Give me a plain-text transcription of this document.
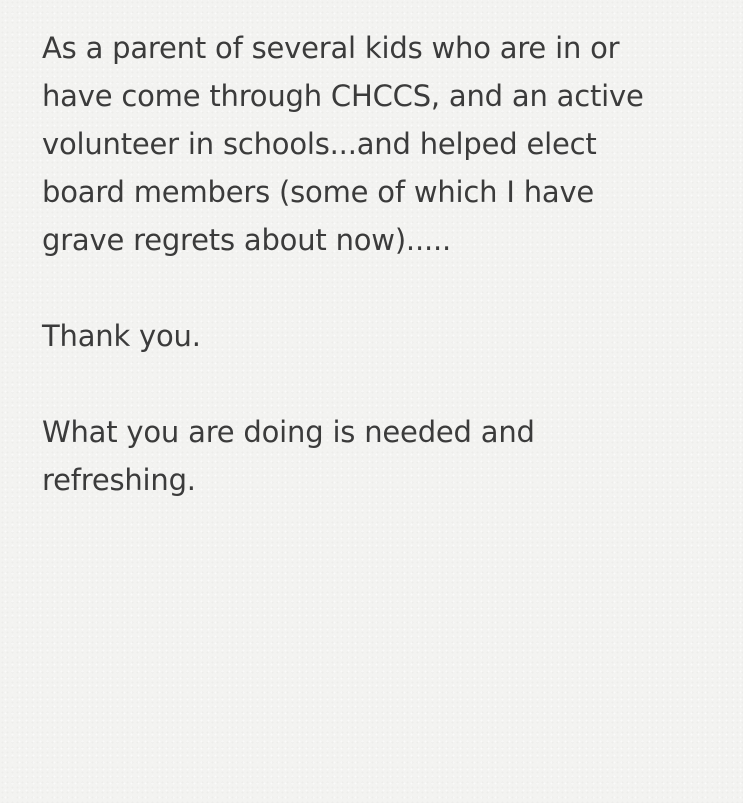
As a parent of several kids who are in or
have come through CHCCS, and an active
volunteer in schools...and helped elect
board members (some of which I have
grave regrets about now).....

Thank you.

What you are doing is needed and
refreshing.
